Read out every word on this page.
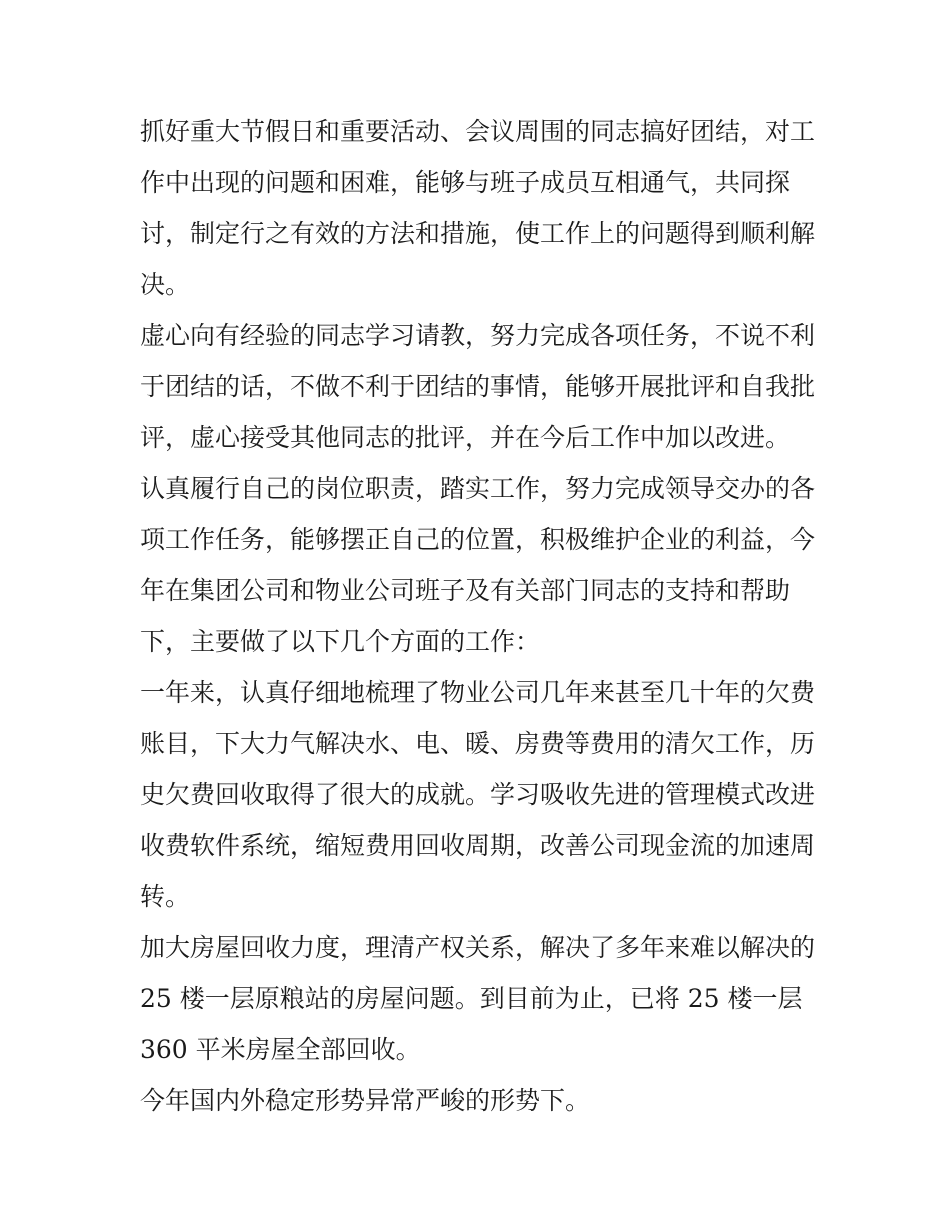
抓好重大节假日和重要活动、会议周围的同志搞好团结，对工
作中出现的问题和困难，能够与班子成员互相通气，共同探
讨，制定行之有效的方法和措施，使工作上的问题得到顺利解
决。
虚心向有经验的同志学习请教，努力完成各项任务，不说不利
于团结的话，不做不利于团结的事情，能够开展批评和自我批
评，虚心接受其他同志的批评，并在今后工作中加以改进。
认真履行自己的岗位职责，踏实工作，努力完成领导交办的各
项工作任务，能够摆正自己的位置，积极维护企业的利益，今
年在集团公司和物业公司班子及有关部门同志的支持和帮助
下，主要做了以下几个方面的工作：
一年来，认真仔细地梳理了物业公司几年来甚至几十年的欠费
账目，下大力气解决水、电、暖、房费等费用的清欠工作，历
史欠费回收取得了很大的成就。学习吸收先进的管理模式改进
收费软件系统，缩短费用回收周期，改善公司现金流的加速周
转。
加大房屋回收力度，理清产权关系，解决了多年来难以解决的
25 楼一层原粮站的房屋问题。到目前为止，已将 25 楼一层
360 平米房屋全部回收。
今年国内外稳定形势异常严峻的形势下。
